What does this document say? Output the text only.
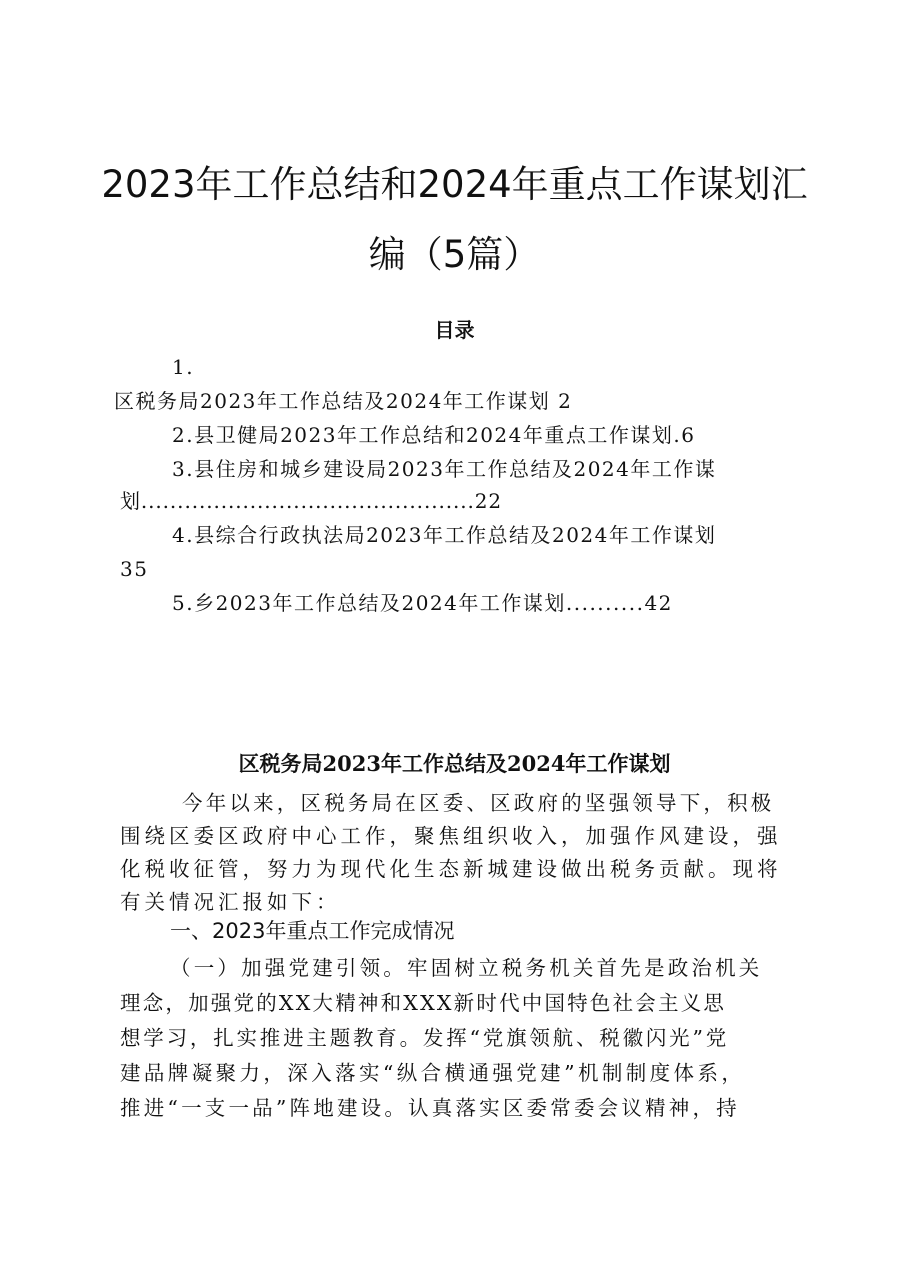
2023年工作总结和2024年重点工作谋划汇
编（5篇）
目录
1.
区税务局2023年工作总结及2024年工作谋划 2
2.县卫健局2023年工作总结和2024年重点工作谋划.6
3.县住房和城乡建设局2023年工作总结及2024年工作谋
划..............................................22
4.县综合行政执法局2023年工作总结及2024年工作谋划
35
5.乡2023年工作总结及2024年工作谋划..........42
区税务局2023年工作总结及2024年工作谋划
今年以来，区税务局在区委、区政府的坚强领导下，积极
围绕区委区政府中心工作，聚焦组织收入，加强作风建设，强
化税收征管，努力为现代化生态新城建设做出税务贡献。现将
有关情况汇报如下：
一、2023年重点工作完成情况
（一）加强党建引领。牢固树立税务机关首先是政治机关
理念，加强党的XX大精神和XXX新时代中国特色社会主义思
想学习，扎实推进主题教育。发挥“党旗领航、税徽闪光”党
建品牌凝聚力，深入落实“纵合横通强党建”机制制度体系，
推进“一支一品”阵地建设。认真落实区委常委会议精神，持
